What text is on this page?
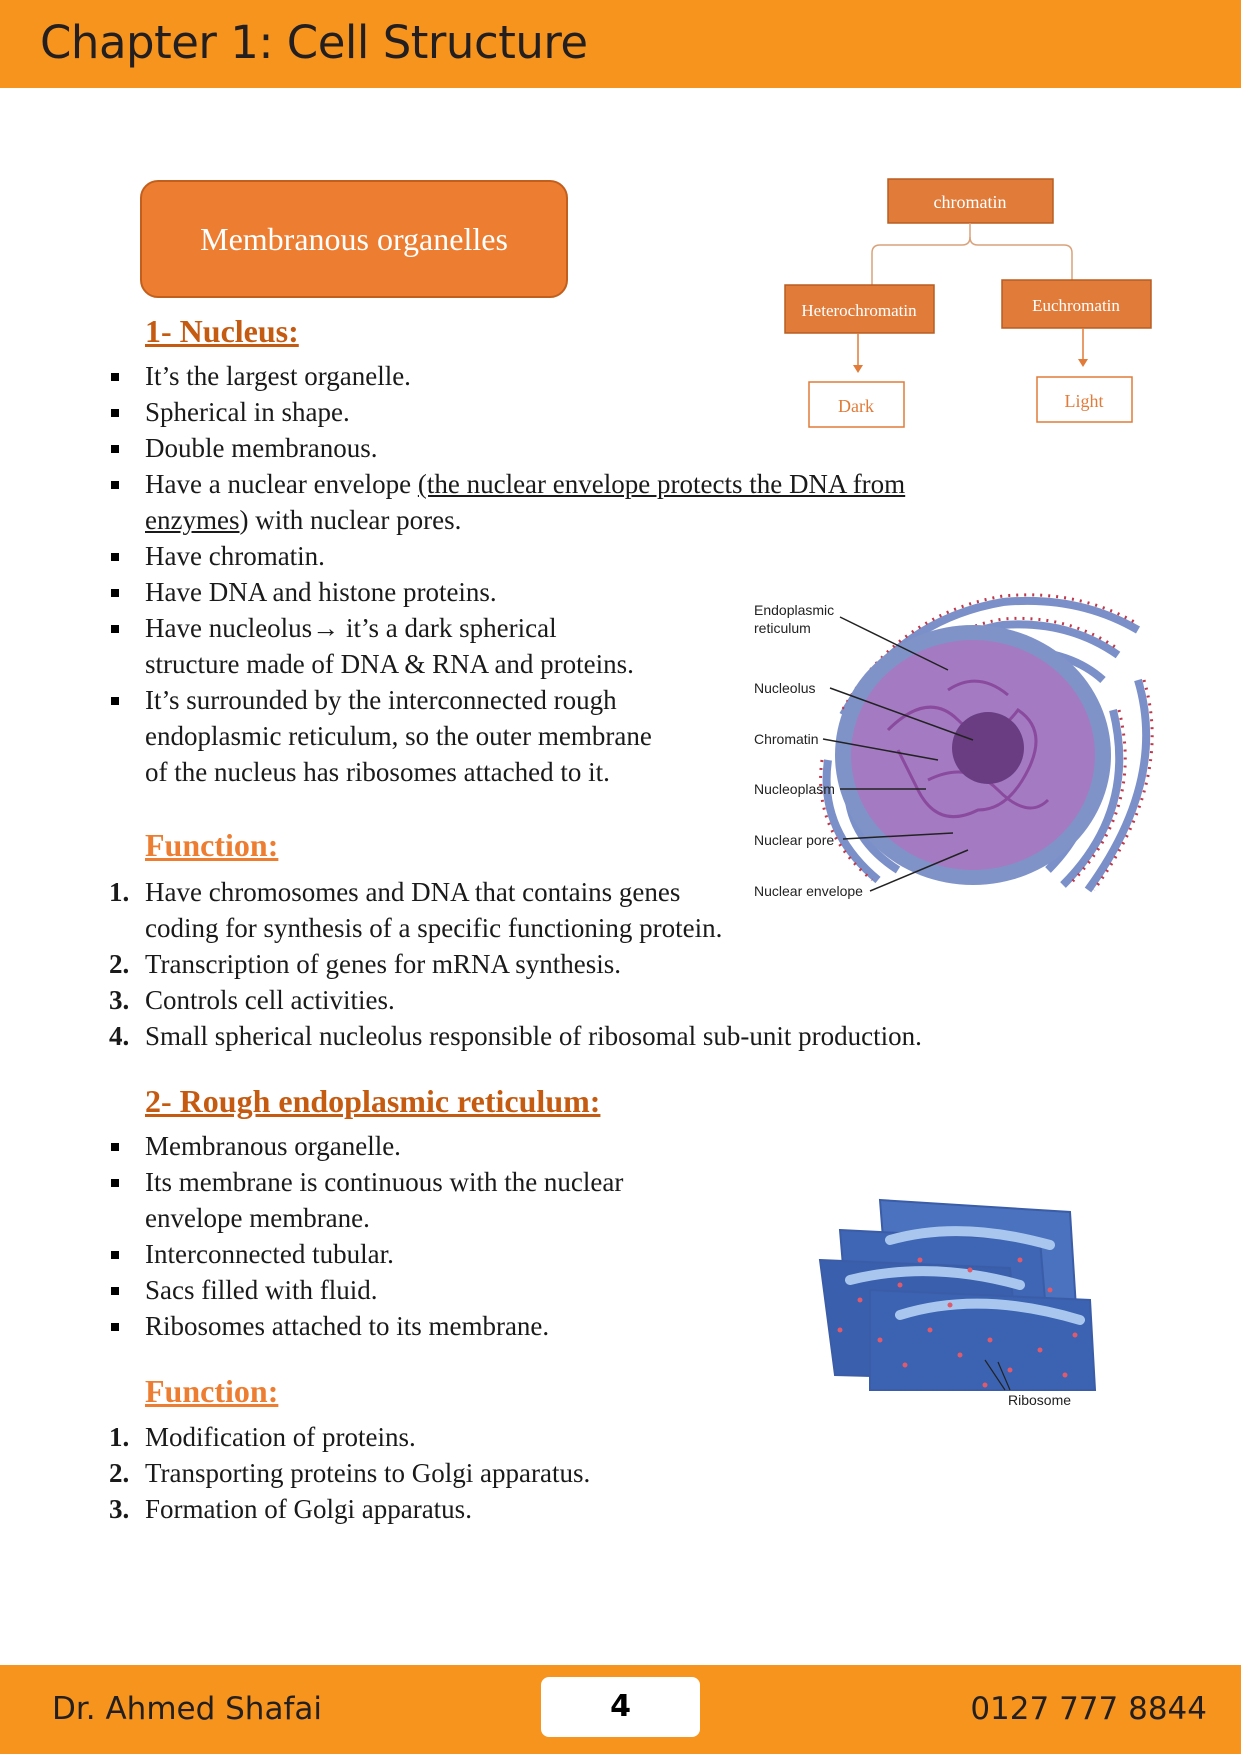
Chapter 1: Cell Structure
Membranous organelles
chromatin
Heterochromatin	Euchromatin
Dark	Light
1- Nucleus:
It’s the largest organelle.
Spherical in shape.
Double membranous.
Have a nuclear envelope (the nuclear envelope protects the DNA from
enzymes) with nuclear pores.
Have chromatin.
Have DNA and histone proteins.
Have nucleolus→ it’s a dark spherical
structure made of DNA & RNA and proteins.
It’s surrounded by the interconnected rough
endoplasmic reticulum, so the outer membrane
of the nucleus has ribosomes attached to it.
Endoplasmic
reticulum
Nucleolus
Chromatin
Nucleoplasm
Nuclear pore
Nuclear envelope
Function:
1. Have chromosomes and DNA that contains genes
coding for synthesis of a specific functioning protein.
2. Transcription of genes for mRNA synthesis.
3. Controls cell activities.
4. Small spherical nucleolus responsible of ribosomal sub-unit production.
2- Rough endoplasmic reticulum:
Membranous organelle.
Its membrane is continuous with the nuclear
envelope membrane.
Interconnected tubular.
Sacs filled with fluid.
Ribosomes attached to its membrane.
Ribosome
Function:
1. Modification of proteins.
2. Transporting proteins to Golgi apparatus.
3. Formation of Golgi apparatus.
Dr. Ahmed Shafai	4	0127 777 8844
